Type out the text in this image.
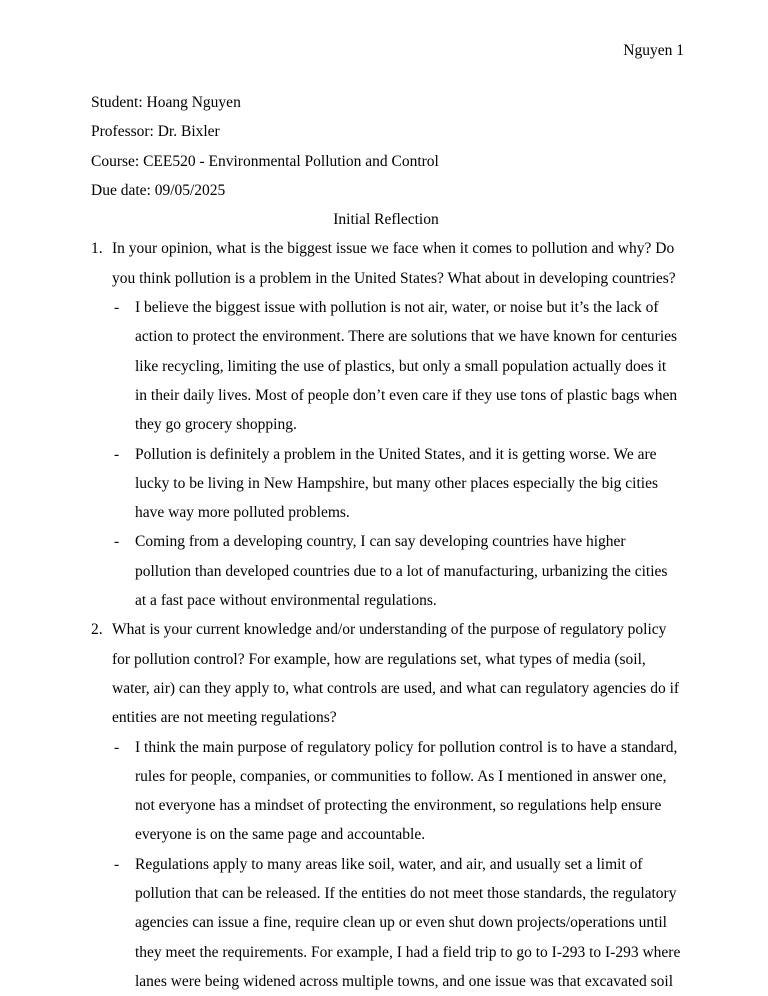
Nguyen 1
Student: Hoang Nguyen
Professor: Dr. Bixler
Course: CEE520 - Environmental Pollution and Control
Due date: 09/05/2025
Initial Reflection
1. In your opinion, what is the biggest issue we face when it comes to pollution and why? Do you think pollution is a problem in the United States? What about in developing countries?

- I believe the biggest issue with pollution is not air, water, or noise but it’s the lack of action to protect the environment. There are solutions that we have known for centuries like recycling, limiting the use of plastics, but only a small population actually does it in their daily lives. Most of people don’t even care if they use tons of plastic bags when they go grocery shopping.

- Pollution is definitely a problem in the United States, and it is getting worse. We are lucky to be living in New Hampshire, but many other places especially the big cities have way more polluted problems.

- Coming from a developing country, I can say developing countries have higher pollution than developed countries due to a lot of manufacturing, urbanizing the cities at a fast pace without environmental regulations.

2. What is your current knowledge and/or understanding of the purpose of regulatory policy for pollution control? For example, how are regulations set, what types of media (soil, water, air) can they apply to, what controls are used, and what can regulatory agencies do if entities are not meeting regulations?

- I think the main purpose of regulatory policy for pollution control is to have a standard, rules for people, companies, or communities to follow. As I mentioned in answer one, not everyone has a mindset of protecting the environment, so regulations help ensure everyone is on the same page and accountable.

- Regulations apply to many areas like soil, water, and air, and usually set a limit of pollution that can be released. If the entities do not meet those standards, the regulatory agencies can issue a fine, require clean up or even shut down projects/operations until they meet the requirements. For example, I had a field trip to go to I-293 to I-293 where lanes were being widened across multiple towns, and one issue was that excavated soil
